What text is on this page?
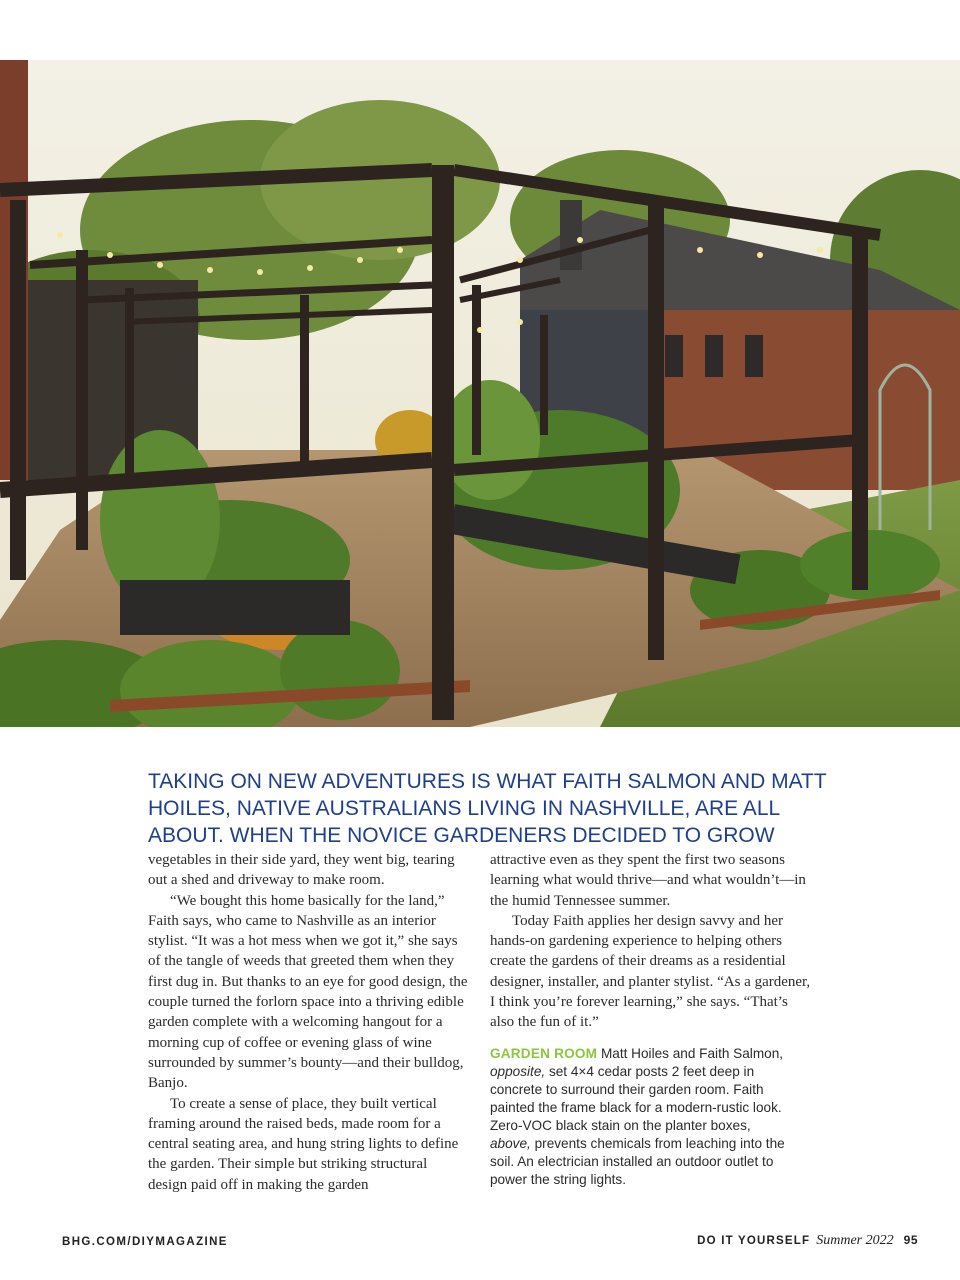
TAKING ON NEW ADVENTURES IS WHAT FAITH SALMON AND MATT HOILES, NATIVE AUSTRALIANS LIVING IN NASHVILLE, ARE ALL ABOUT. WHEN THE NOVICE GARDENERS DECIDED TO GROW

vegetables in their side yard, they went big, tearing out a shed and driveway to make room.

“We bought this home basically for the land,” Faith says, who came to Nashville as an interior stylist. “It was a hot mess when we got it,” she says of the tangle of weeds that greeted them when they first dug in. But thanks to an eye for good design, the couple turned the forlorn space into a thriving edible garden complete with a welcoming hangout for a morning cup of coffee or evening glass of wine surrounded by summer’s bounty—and their bulldog, Banjo.

To create a sense of place, they built vertical framing around the raised beds, made room for a central seating area, and hung string lights to define the garden. Their simple but striking structural design paid off in making the garden

attractive even as they spent the first two seasons learning what would thrive—and what wouldn’t—in the humid Tennessee summer.

Today Faith applies her design savvy and her hands-on gardening experience to helping others create the gardens of their dreams as a residential designer, installer, and planter stylist. “As a gardener, I think you’re forever learning,” she says. “That’s also the fun of it.”

GARDEN ROOM Matt Hoiles and Faith Salmon, opposite, set 4×4 cedar posts 2 feet deep in concrete to surround their garden room. Faith painted the frame black for a modern-rustic look. Zero-VOC black stain on the planter boxes, above, prevents chemicals from leaching into the soil. An electrician installed an outdoor outlet to power the string lights.

BHG.COM/DIYMAGAZINE	DO IT YOURSELF Summer 2022 95
